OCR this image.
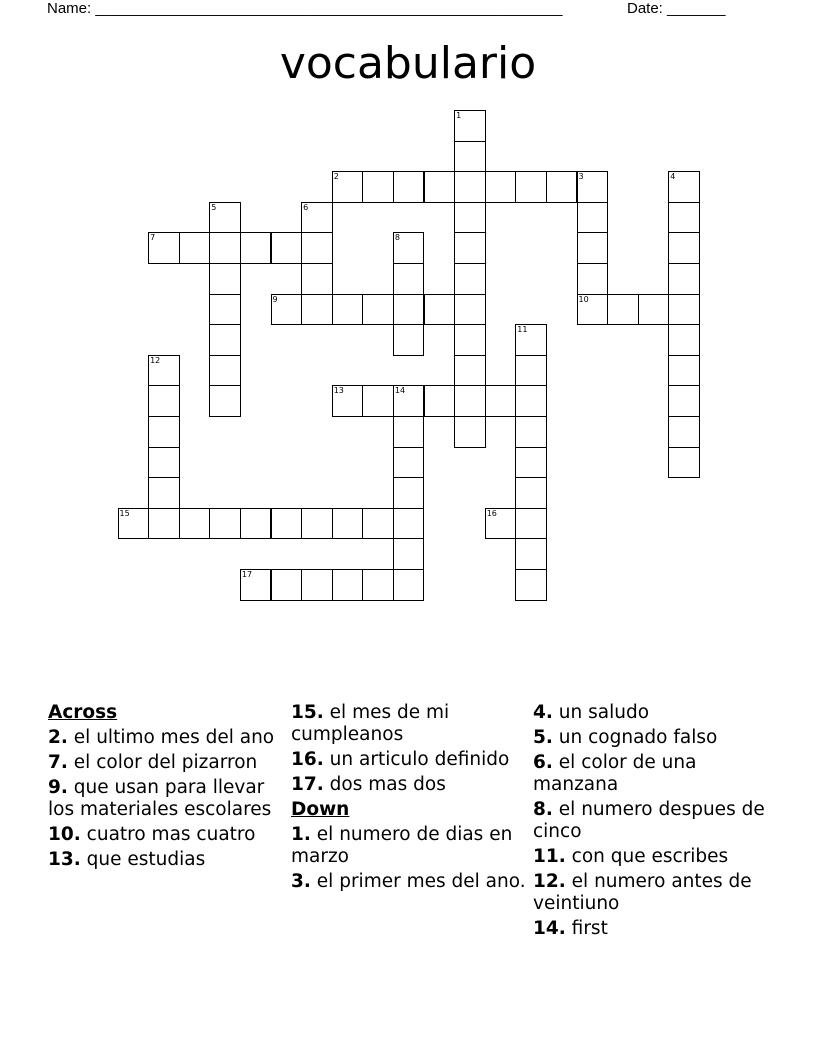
Name: ________________________________________________________	Date: _______
vocabulario
2	3
7
9	10
13	14
15	16
17
1
4
5	6
8
11
12
Across
2. el ultimo mes del ano
7. el color del pizarron
9. que usan para llevar los materiales escolares
10. cuatro mas cuatro
13. que estudias
15. el mes de mi cumpleanos
16. un articulo definido
17. dos mas dos
Down
1. el numero de dias en marzo
3. el primer mes del ano.
4. un saludo
5. un cognado falso
6. el color de una manzana
8. el numero despues de cinco
11. con que escribes
12. el numero antes de veintiuno
14. first
